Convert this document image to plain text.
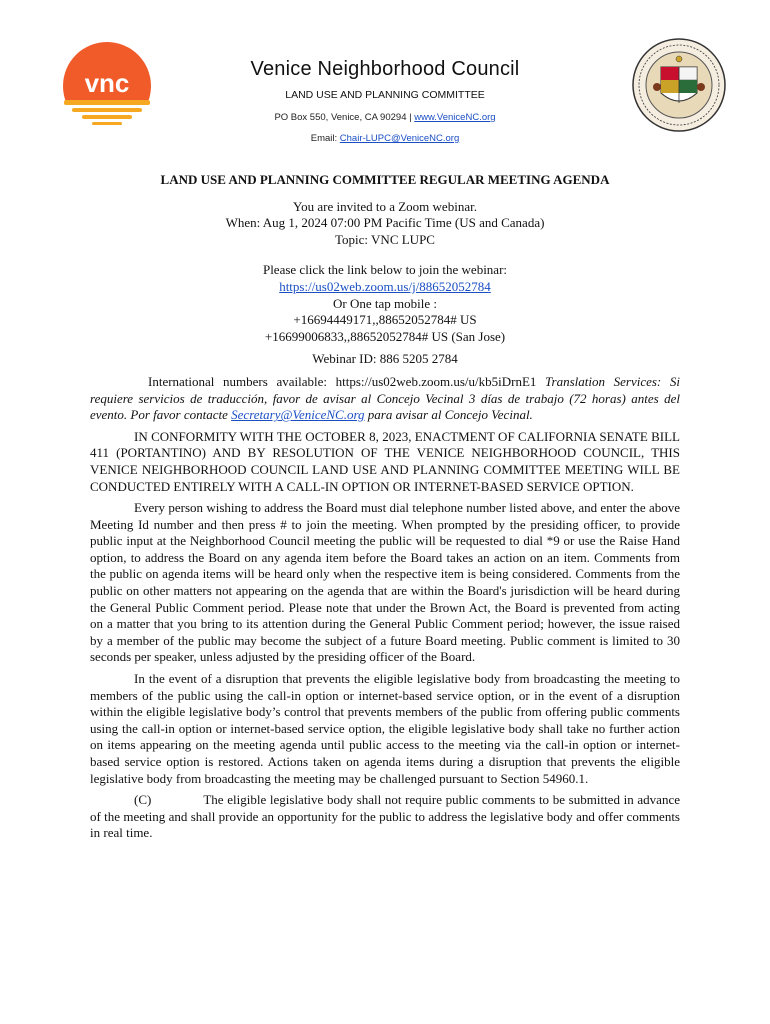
vnc	Venice Neighborhood Council
LAND USE AND PLANNING COMMITTEE
PO Box 550, Venice, CA 90294 | www.VeniceNC.org
Email: Chair-LUPC@VeniceNC.org
LAND USE AND PLANNING COMMITTEE REGULAR MEETING AGENDA
You are invited to a Zoom webinar.
When: Aug 1, 2024 07:00 PM Pacific Time (US and Canada)
Topic: VNC LUPC
Please click the link below to join the webinar:
https://us02web.zoom.us/j/88652052784
Or One tap mobile :
+16694449171,,88652052784# US
+16699006833,,88652052784# US (San Jose)
Webinar ID: 886 5205 2784

International numbers available: https://us02web.zoom.us/u/kb5iDrnE1 Translation Services: Si requiere servicios de traducción, favor de avisar al Concejo Vecinal 3 días de trabajo (72 horas) antes del evento. Por favor contacte Secretary@VeniceNC.org para avisar al Concejo Vecinal.

IN CONFORMITY WITH THE OCTOBER 8, 2023, ENACTMENT OF CALIFORNIA SENATE BILL 411 (PORTANTINO) AND BY RESOLUTION OF THE VENICE NEIGHBORHOOD COUNCIL, THIS VENICE NEIGHBORHOOD COUNCIL LAND USE AND PLANNING COMMITTEE MEETING WILL BE CONDUCTED ENTIRELY WITH A CALL-IN OPTION OR INTERNET-BASED SERVICE OPTION.

Every person wishing to address the Board must dial telephone number listed above, and enter the above Meeting Id number and then press # to join the meeting. When prompted by the presiding officer, to provide public input at the Neighborhood Council meeting the public will be requested to dial *9 or use the Raise Hand option, to address the Board on any agenda item before the Board takes an action on an item. Comments from the public on agenda items will be heard only when the respective item is being considered. Comments from the public on other matters not appearing on the agenda that are within the Board's jurisdiction will be heard during the General Public Comment period. Please note that under the Brown Act, the Board is prevented from acting on a matter that you bring to its attention during the General Public Comment period; however, the issue raised by a member of the public may become the subject of a future Board meeting. Public comment is limited to 30 seconds per speaker, unless adjusted by the presiding officer of the Board.

In the event of a disruption that prevents the eligible legislative body from broadcasting the meeting to members of the public using the call-in option or internet-based service option, or in the event of a disruption within the eligible legislative body’s control that prevents members of the public from offering public comments using the call-in option or internet-based service option, the eligible legislative body shall take no further action on items appearing on the meeting agenda until public access to the meeting via the call-in option or internet-based service option is restored. Actions taken on agenda items during a disruption that prevents the eligible legislative body from broadcasting the meeting may be challenged pursuant to Section 54960.1.

(C)	The eligible legislative body shall not require public comments to be submitted in advance of the meeting and shall provide an opportunity for the public to address the legislative body and offer comments in real time.
